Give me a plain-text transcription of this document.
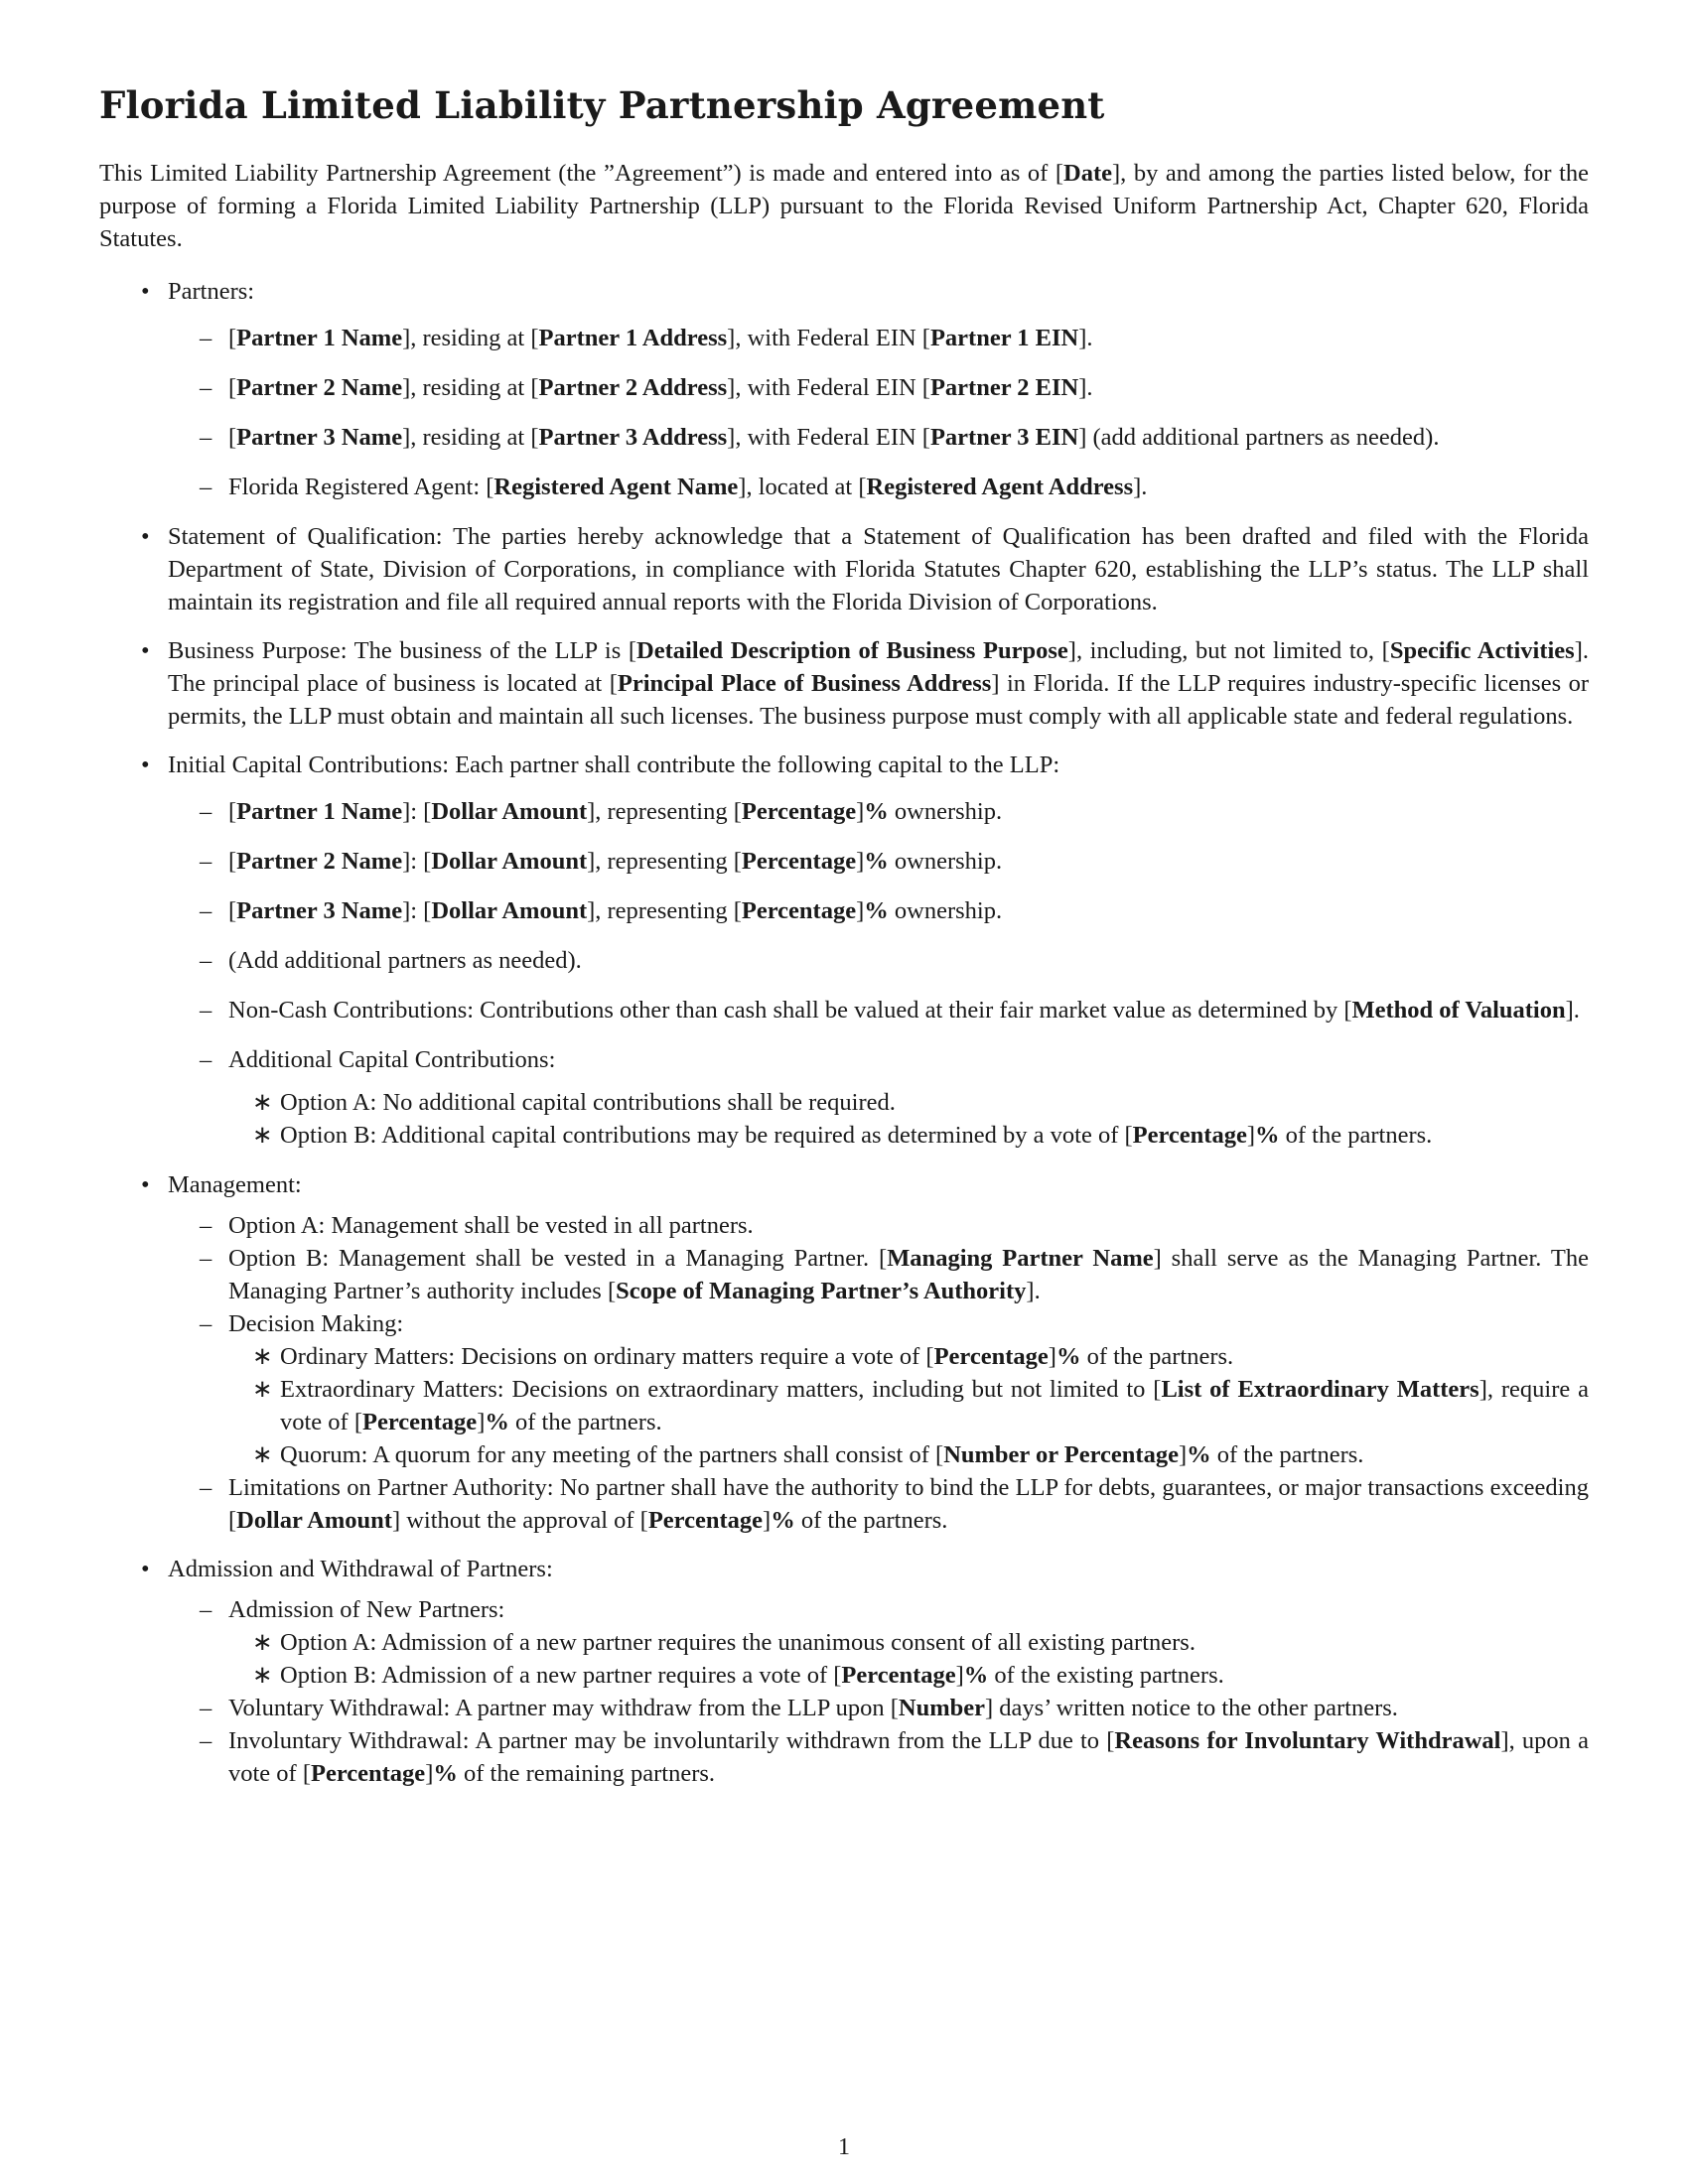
Florida Limited Liability Partnership Agreement

This Limited Liability Partnership Agreement (the ”Agreement”) is made and entered into as of [Date], by and among the parties listed below, for the purpose of forming a Florida Limited Liability Partnership (LLP) pursuant to the Florida Revised Uniform Partnership Act, Chapter 620, Florida Statutes.

• Partners:
– [Partner 1 Name], residing at [Partner 1 Address], with Federal EIN [Partner 1 EIN].
– [Partner 2 Name], residing at [Partner 2 Address], with Federal EIN [Partner 2 EIN].
– [Partner 3 Name], residing at [Partner 3 Address], with Federal EIN [Partner 3 EIN] (add additional partners as needed).
– Florida Registered Agent: [Registered Agent Name], located at [Registered Agent Address].
• Statement of Qualification: The parties hereby acknowledge that a Statement of Qualification has been drafted and filed with the Florida Department of State, Division of Corporations, in compliance with Florida Statutes Chapter 620, establishing the LLP’s status. The LLP shall maintain its registration and file all required annual reports with the Florida Division of Corporations.
• Business Purpose: The business of the LLP is [Detailed Description of Business Purpose], including, but not limited to, [Specific Activities]. The principal place of business is located at [Principal Place of Business Address] in Florida. If the LLP requires industry-specific licenses or permits, the LLP must obtain and maintain all such licenses. The business purpose must comply with all applicable state and federal regulations.
• Initial Capital Contributions: Each partner shall contribute the following capital to the LLP:
– [Partner 1 Name]: [Dollar Amount], representing [Percentage]% ownership.
– [Partner 2 Name]: [Dollar Amount], representing [Percentage]% ownership.
– [Partner 3 Name]: [Dollar Amount], representing [Percentage]% ownership.
– (Add additional partners as needed).
– Non-Cash Contributions: Contributions other than cash shall be valued at their fair market value as determined by [Method of Valuation].
– Additional Capital Contributions:
∗ Option A: No additional capital contributions shall be required.
∗ Option B: Additional capital contributions may be required as determined by a vote of [Percentage]% of the partners.
• Management:
– Option A: Management shall be vested in all partners.
– Option B: Management shall be vested in a Managing Partner. [Managing Partner Name] shall serve as the Managing Partner. The Managing Partner’s authority includes [Scope of Managing Partner’s Authority].
– Decision Making:
∗ Ordinary Matters: Decisions on ordinary matters require a vote of [Percentage]% of the partners.
∗ Extraordinary Matters: Decisions on extraordinary matters, including but not limited to [List of Extraordinary Matters], require a vote of [Percentage]% of the partners.
∗ Quorum: A quorum for any meeting of the partners shall consist of [Number or Percentage]% of the partners.
– Limitations on Partner Authority: No partner shall have the authority to bind the LLP for debts, guarantees, or major transactions exceeding [Dollar Amount] without the approval of [Percentage]% of the partners.
• Admission and Withdrawal of Partners:
– Admission of New Partners:
∗ Option A: Admission of a new partner requires the unanimous consent of all existing partners.
∗ Option B: Admission of a new partner requires a vote of [Percentage]% of the existing partners.
– Voluntary Withdrawal: A partner may withdraw from the LLP upon [Number] days’ written notice to the other partners.
– Involuntary Withdrawal: A partner may be involuntarily withdrawn from the LLP due to [Reasons for Involuntary Withdrawal], upon a vote of [Percentage]% of the remaining partners.
1
